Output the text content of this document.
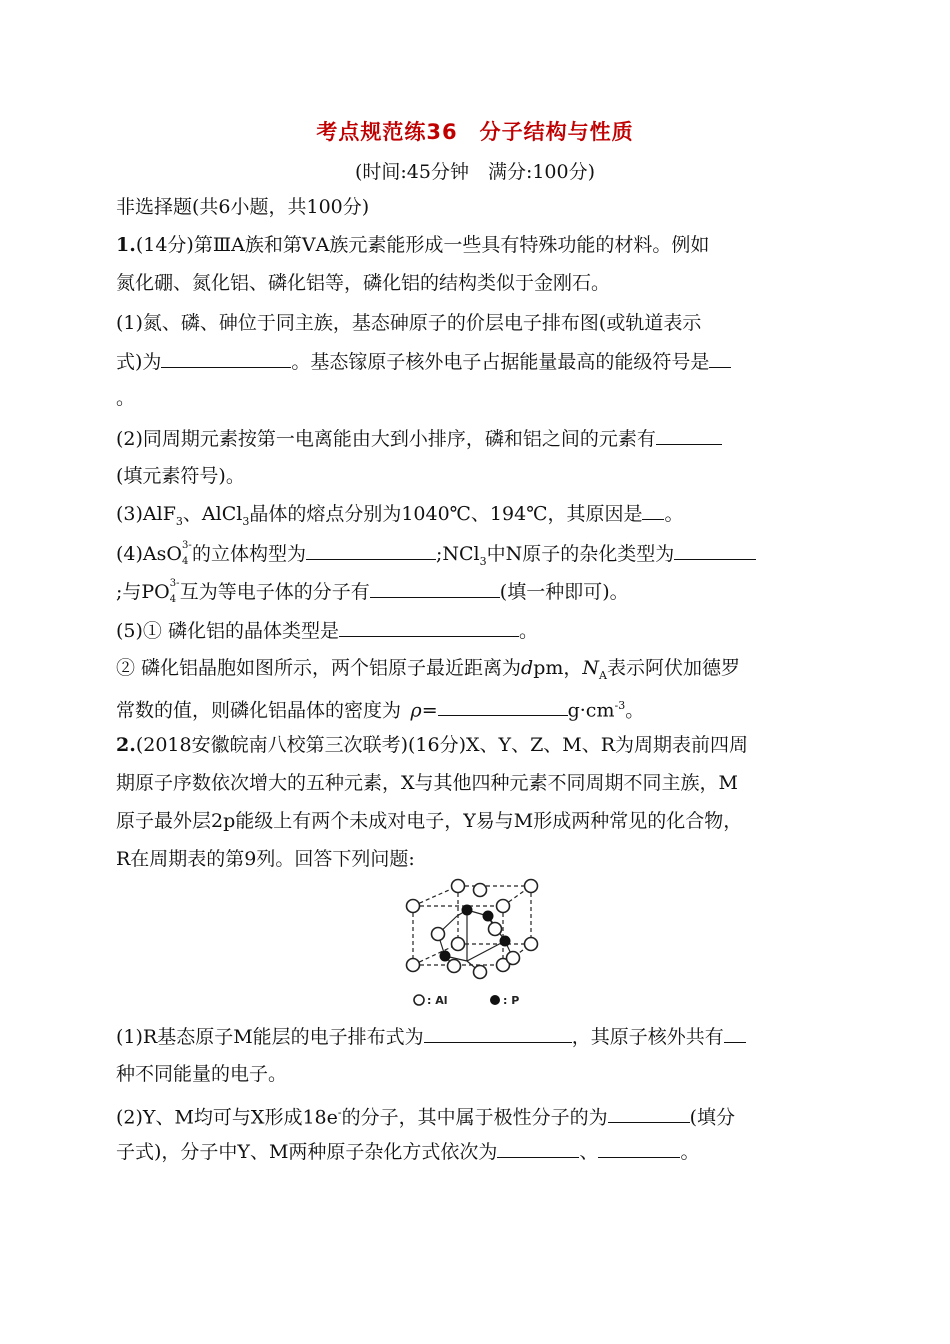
考点规范练36　分子结构与性质
(时间:45分钟　满分:100分)
非选择题(共6小题，共100分)
1.(14分)第ⅢA族和第ⅤA族元素能形成一些具有特殊功能的材料。例如
氮化硼、氮化铝、磷化铝等，磷化铝的结构类似于金刚石。
(1)氮、磷、砷位于同主族，基态砷原子的价层电子排布图(或轨道表示
式)为	。基态镓原子核外电子占据能量最高的能级符号是
。
(2)同周期元素按第一电离能由大到小排序，磷和铝之间的元素有
(填元素符号)。
(3)AlF$_3$、AlCl$_3$晶体的熔点分别为1040℃、194℃，其原因是 。
(4)AsO 3-
4 的立体构型为	;NCl$_3$中N原子的杂化类型为
;与PO 3-
4 互为等电子体的分子有	(填一种即可)。
(5)① 磷化铝的晶体类型是	。
② 磷化铝晶胞如图所示，两个铝原子最近距离为dpm，$N_A$表示阿伏加德罗
常数的值，则磷化铝晶体的密度为 ρ=	$g\cdot cm^{-3}$。
2.(2018安徽皖南八校第三次联考)(16分)X、Y、Z、M、R为周期表前四周
期原子序数依次增大的五种元素，X与其他四种元素不同周期不同主族，M
原子最外层2p能级上有两个未成对电子，Y易与M形成两种常见的化合物，
R在周期表的第9列。回答下列问题:
: Al	: P
(1)R基态原子M能层的电子排布式为	，其原子核外共有
种不同能量的电子。
(2)Y、M均可与X形成18e-的分子，其中属于极性分子的为	(填分
子式)，分子中Y、M两种原子杂化方式依次为	、	。
